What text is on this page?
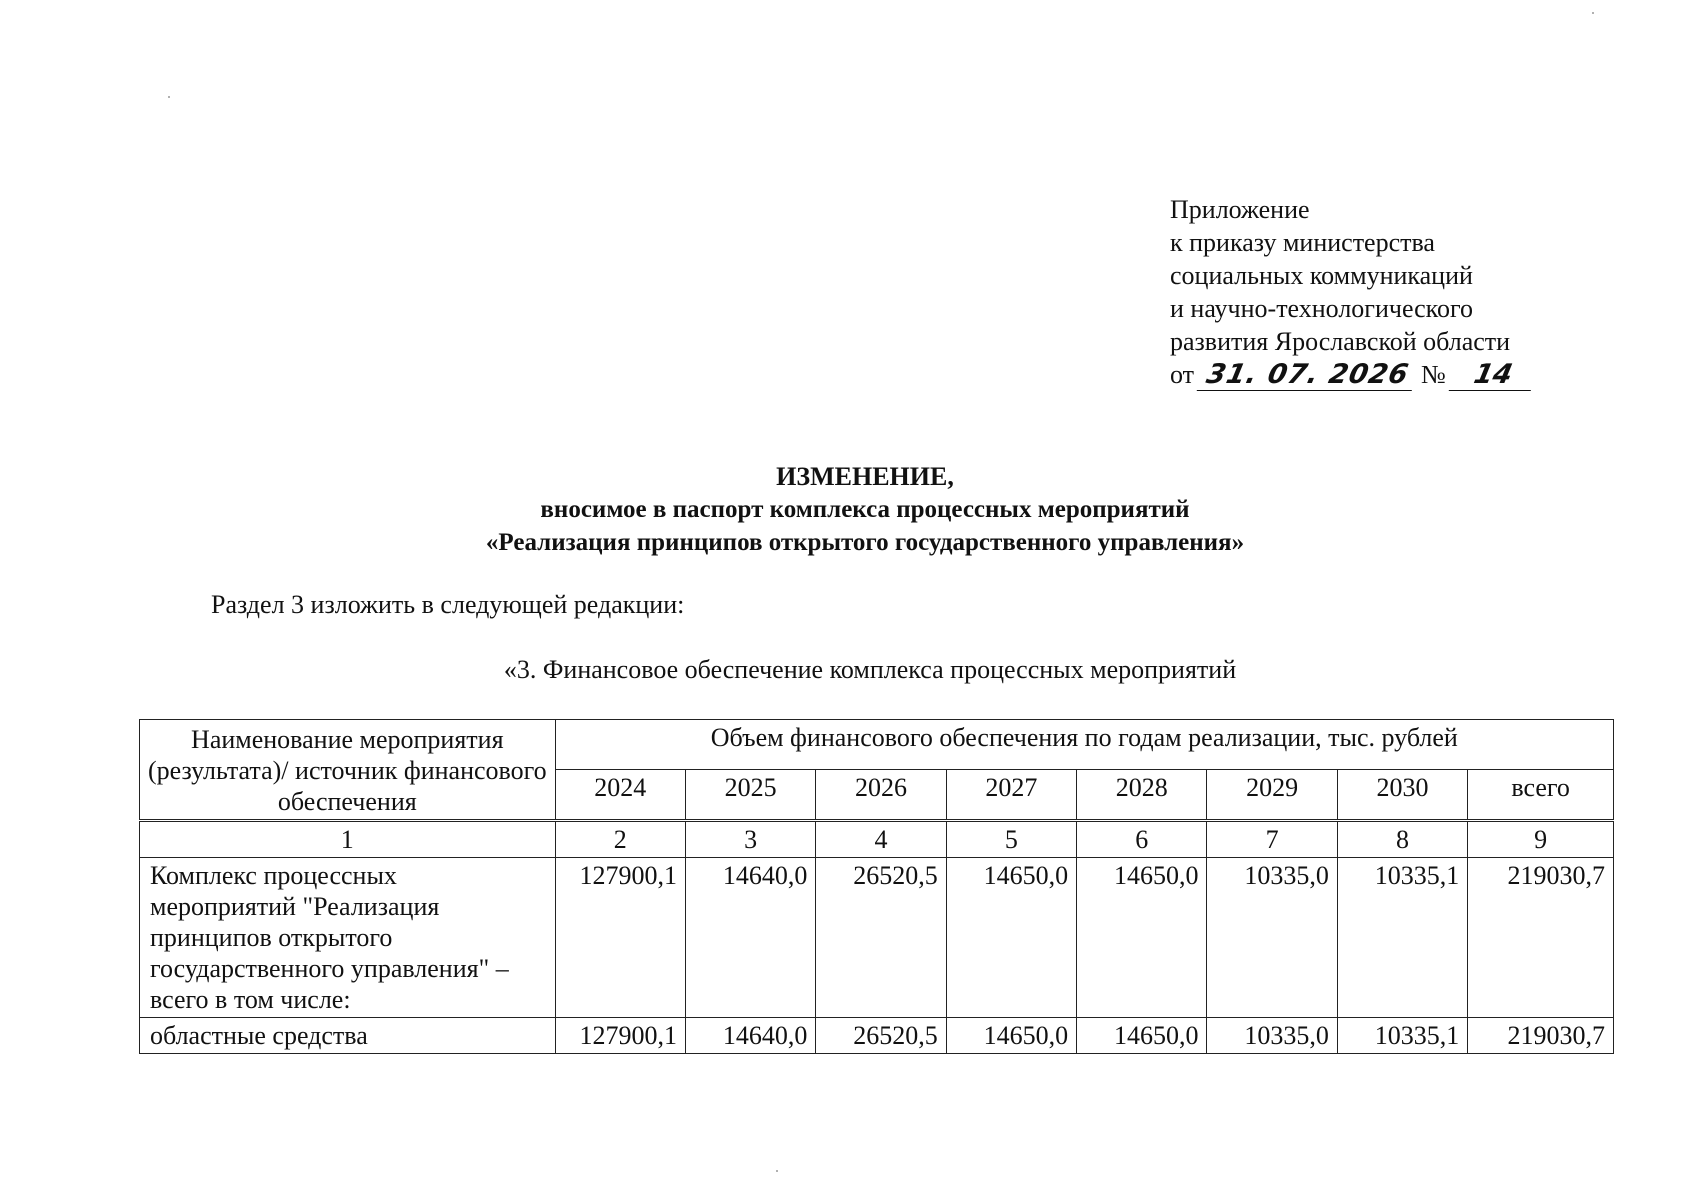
Приложение
к приказу министерства
социальных коммуникаций
и научно-технологического
развития Ярославской области
от 31. 07. 2026 № 14
ИЗМЕНЕНИЕ,
вносимое в паспорт комплекса процессных мероприятий
«Реализация принципов открытого государственного управления»
Раздел 3 изложить в следующей редакции:
«3. Финансовое обеспечение комплекса процессных мероприятий
Наименование мероприятия (результата)/ источник финансового обеспечения	Объем финансового обеспечения по годам реализации, тыс. рублей							
	2024	2025	2026	2027	2028	2029	2030	всего
1	2	3	4	5	6	7	8	9
Комплекс процессных мероприятий "Реализация принципов открытого государственного управления" – всего в том числе:	127900,1	14640,0	26520,5	14650,0	14650,0	10335,0	10335,1	219030,7
областные средства	127900,1	14640,0	26520,5	14650,0	14650,0	10335,0	10335,1	219030,7
